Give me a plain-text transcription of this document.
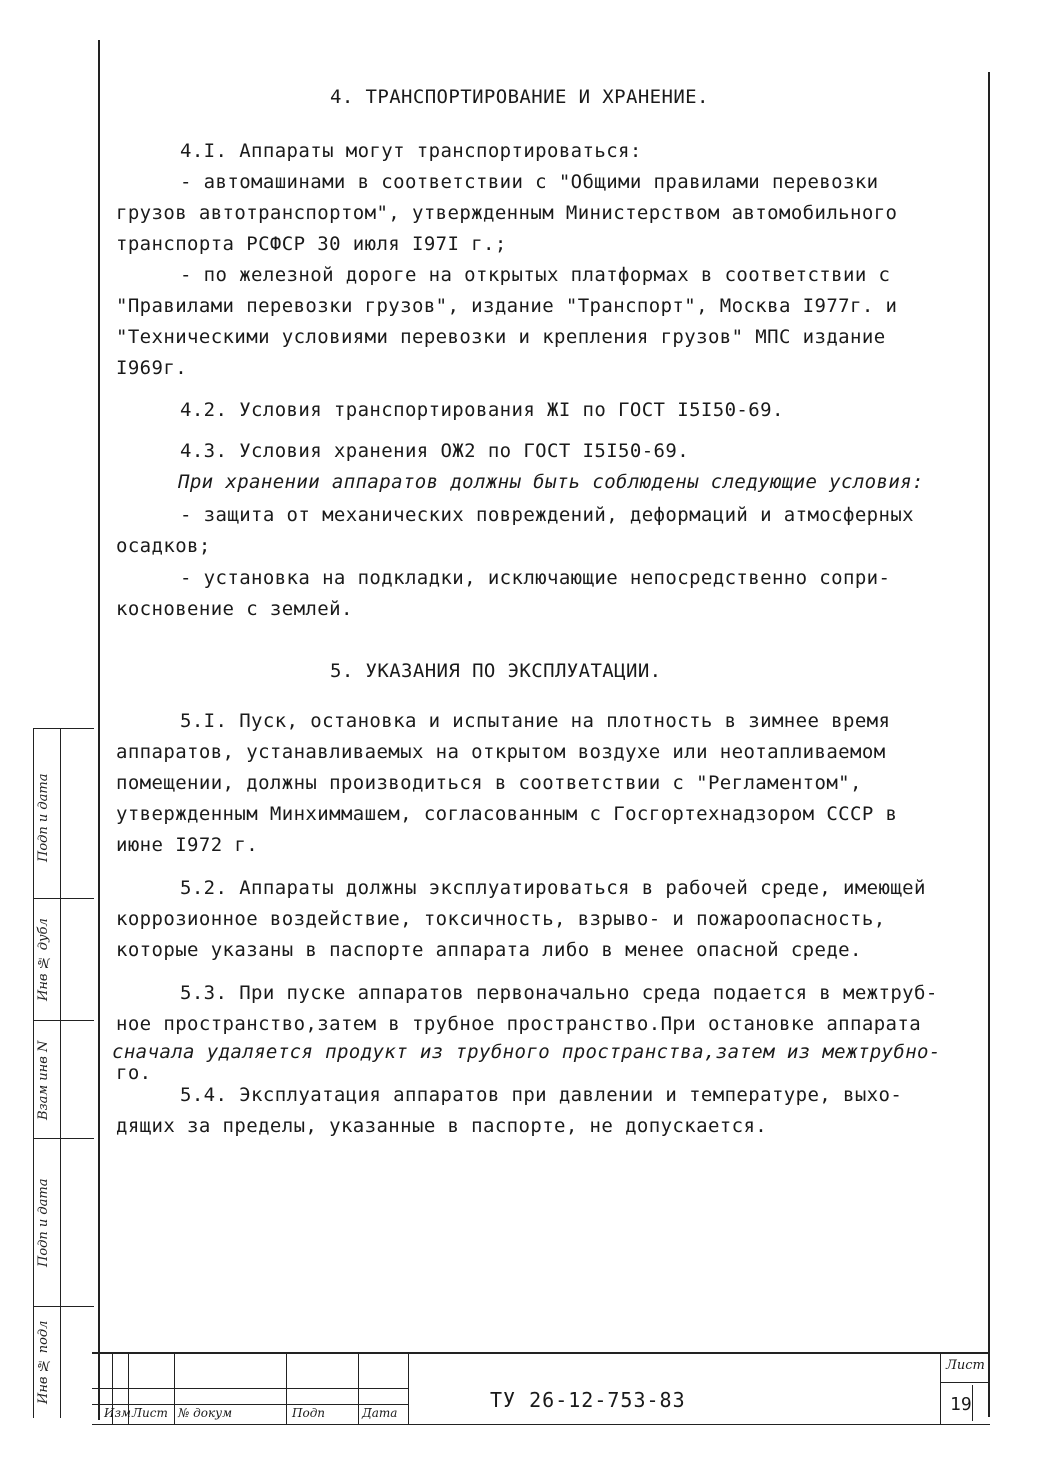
4. ТРАНСПОРТИРОВАНИЕ И ХРАНЕНИЕ.
4.I. Аппараты могут транспортироваться:
- автомашинами в соответствии с "Общими правилами перевозки
грузов автотранспортом", утвержденным Министерством автомобильного
транспорта РСФСР 30 июля I97I г.;
- по железной дороге на открытых платформах в соответствии с
"Правилами перевозки грузов", издание "Транспорт", Москва I977г. и
"Техническими условиями перевозки и крепления грузов" МПС издание
I969г.
4.2. Условия транспортирования ЖI по ГОСТ I5I50-69.
4.3. Условия хранения ОЖ2 по ГОСТ I5I50-69.
При хранении аппаратов должны быть соблюдены следующие условия:
- защита от механических повреждений, деформаций и атмосферных
осадков;
- установка на подкладки, исключающие непосредственно сопри-
косновение с землей.
5. УКАЗАНИЯ ПО ЭКСПЛУАТАЦИИ.
5.I. Пуск, остановка и испытание на плотность в зимнее время
аппаратов, устанавливаемых на открытом воздухе или неотапливаемом
помещении, должны производиться в соответствии с "Регламентом",
утвержденным Минхиммашем, согласованным с Госгортехнадзором СССР в
июне I972 г.
5.2. Аппараты должны эксплуатироваться в рабочей среде, имеющей
коррозионное воздействие, токсичность, взрыво- и пожароопасность,
которые указаны в паспорте аппарата либо в менее опасной среде.
5.3. При пуске аппаратов первоначально среда подается в межтруб-
ное пространство,затем в трубное пространство.При остановке аппарата
сначала удаляется продукт из трубного пространства,затем из межтрубно-
го.
5.4. Эксплуатация аппаратов при давлении и температуре, выхо-
дящих за пределы, указанные в паспорте, не допускается.
Подп и дата
Инв № дубл
Взам инв N
Подп и дата
Инв № подл
Изм Лист № докум	Подп	Дата
ТУ 26-12-753-83
Лист
19
